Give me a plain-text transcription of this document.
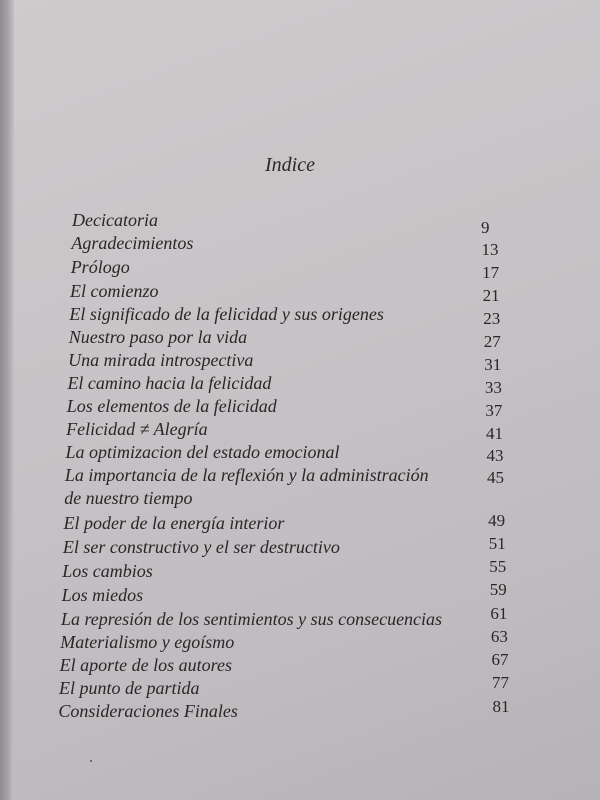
Indice
Decicatoria	9
Agradecimientos	13
Prólogo	17
El comienzo	21
El significado de la felicidad y sus origenes	23
Nuestro paso por la vida	27
Una mirada introspectiva	31
El camino hacia la felicidad	33
Los elementos de la felicidad	37
Felicidad ≠ Alegría	41
La optimizacion del estado emocional	43
La importancia de la reflexión y la administración	45
de nuestro tiempo
El poder de la energía interior	49
El ser constructivo y el ser destructivo	51
Los cambios	55
Los miedos	59
La represión de los sentimientos y sus consecuencias	61
Materialismo y egoísmo	63
El aporte de los autores	67
El punto de partida	77
Consideraciones Finales	81
